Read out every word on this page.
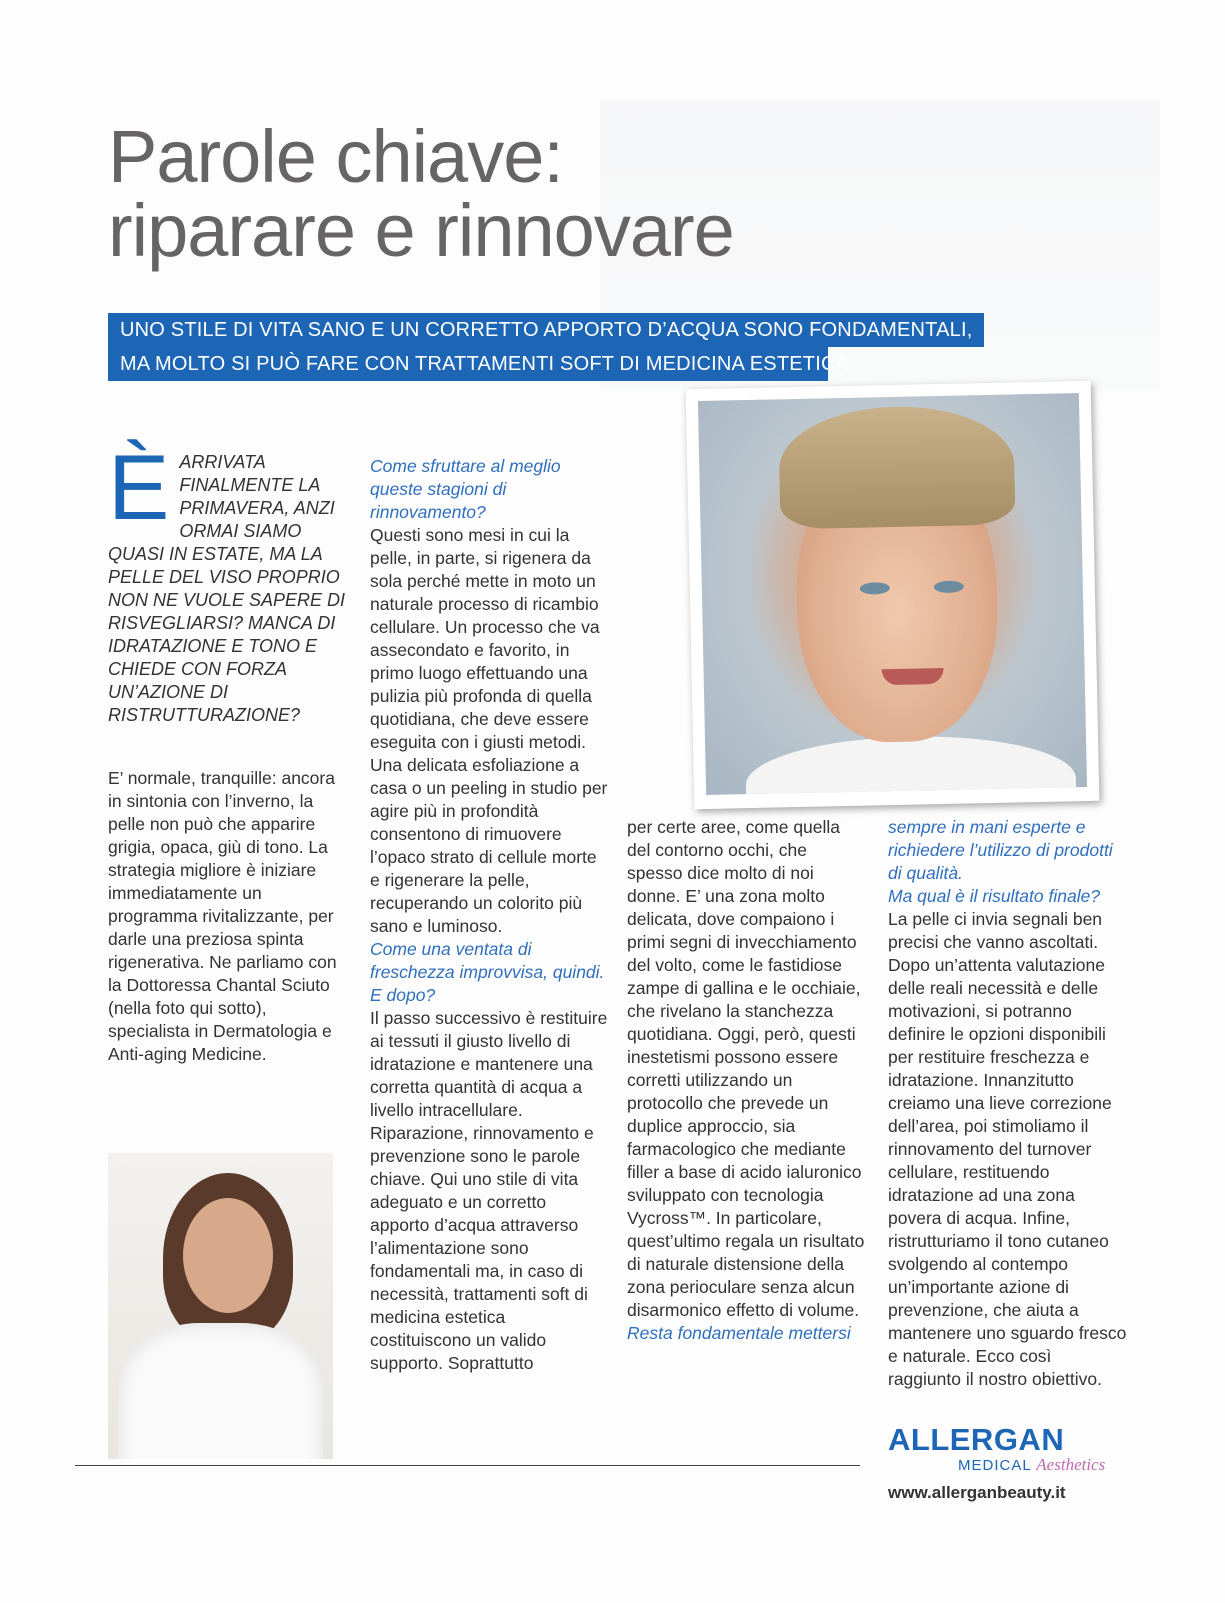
Parole chiave:
riparare e rinnovare
UNO STILE DI VITA SANO E UN CORRETTO APPORTO D’ACQUA SONO FONDAMENTALI,
MA MOLTO SI PUÒ FARE CON TRATTAMENTI SOFT DI MEDICINA ESTETICA

È ARRIVATA FINALMENTE LA PRIMAVERA, ANZI ORMAI SIAMO QUASI IN ESTATE, MA LA PELLE DEL VISO PROPRIO NON NE VUOLE SAPERE DI RISVEGLIARSI? MANCA DI IDRATAZIONE E TONO E CHIEDE CON FORZA UN’AZIONE DI RISTRUTTURAZIONE?

E’ normale, tranquille: ancora in sintonia con l’inverno, la pelle non può che apparire grigia, opaca, giù di tono. La strategia migliore è iniziare immediatamente un programma rivitalizzante, per darle una preziosa spinta rigenerativa. Ne parliamo con la Dottoressa Chantal Sciuto (nella foto qui sotto), specialista in Dermatologia e Anti-aging Medicine.

Come sfruttare al meglio queste stagioni di rinnovamento?

Questi sono mesi in cui la pelle, in parte, si rigenera da sola perché mette in moto un naturale processo di ricambio cellulare. Un processo che va assecondato e favorito, in primo luogo effettuando una pulizia più profonda di quella quotidiana, che deve essere eseguita con i giusti metodi. Una delicata esfoliazione a casa o un peeling in studio per agire più in profondità consentono di rimuovere l’opaco strato di cellule morte e rigenerare la pelle, recuperando un colorito più sano e luminoso.

Come una ventata di freschezza improvvisa, quindi. E dopo?

Il passo successivo è restituire ai tessuti il giusto livello di idratazione e mantenere una corretta quantità di acqua a livello intracellulare. Riparazione, rinnovamento e prevenzione sono le parole chiave. Qui uno stile di vita adeguato e un corretto apporto d’acqua attraverso l’alimentazione sono fondamentali ma, in caso di necessità, trattamenti soft di medicina estetica costituiscono un valido supporto. Soprattutto

per certe aree, come quella del contorno occhi, che spesso dice molto di noi donne. E’ una zona molto delicata, dove compaiono i primi segni di invecchiamento del volto, come le fastidiose zampe di gallina e le occhiaie, che rivelano la stanchezza quotidiana. Oggi, però, questi inestetismi possono essere corretti utilizzando un protocollo che prevede un duplice approccio, sia farmacologico che mediante filler a base di acido ialuronico sviluppato con tecnologia Vycross™. In particolare, quest’ultimo regala un risultato di naturale distensione della zona perioculare senza alcun disarmonico effetto di volume.

Resta fondamentale mettersi

sempre in mani esperte e richiedere l’utilizzo di prodotti di qualità.

Ma qual è il risultato finale?

La pelle ci invia segnali ben precisi che vanno ascoltati. Dopo un’attenta valutazione delle reali necessità e delle motivazioni, si potranno definire le opzioni disponibili per restituire freschezza e idratazione. Innanzitutto creiamo una lieve correzione dell’area, poi stimoliamo il rinnovamento del turnover cellulare, restituendo idratazione ad una zona povera di acqua. Infine, ristrutturiamo il tono cutaneo svolgendo al contempo un’importante azione di prevenzione, che aiuta a mantenere uno sguardo fresco e naturale. Ecco così raggiunto il nostro obiettivo.

ALLERGAN
MEDICAL Aesthetics
www.allerganbeauty.it
